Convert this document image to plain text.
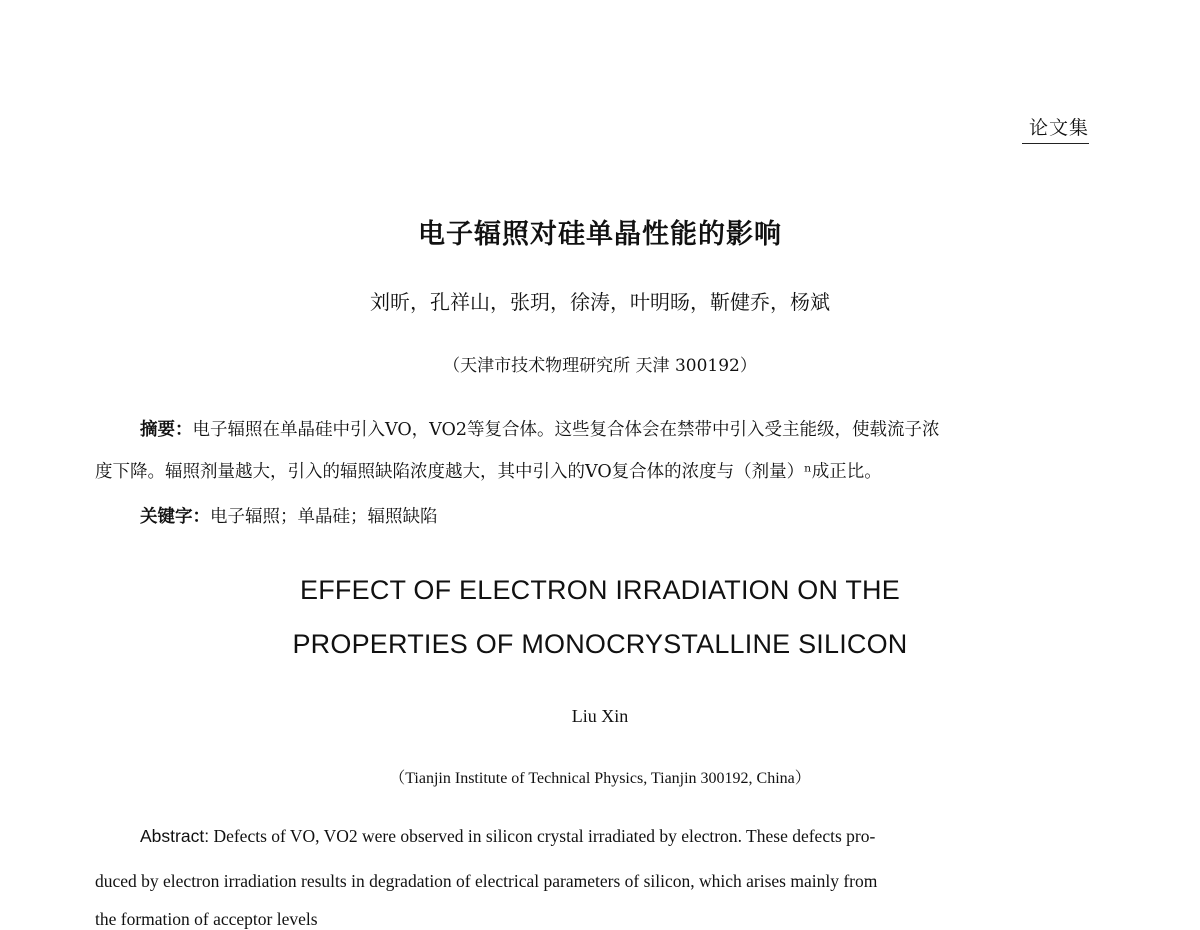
论文集
电子辐照对硅单晶性能的影响
刘昕，孔祥山，张玥，徐涛，叶明旸，靳健乔，杨斌
（天津市技术物理研究所 天津 300192）
摘要：电子辐照在单晶硅中引入VO，VO2等复合体。这些复合体会在禁带中引入受主能级，使载流子浓
度下降。辐照剂量越大，引入的辐照缺陷浓度越大，其中引入的VO复合体的浓度与（剂量）ⁿ成正比。
关键字：电子辐照；单晶硅；辐照缺陷
EFFECT OF ELECTRON IRRADIATION ON THE
PROPERTIES OF MONOCRYSTALLINE SILICON
Liu Xin
（Tianjin Institute of Technical Physics, Tianjin 300192, China）
Abstract: Defects of VO, VO2 were observed in silicon crystal irradiated by electron. These defects pro-
duced by electron irradiation results in degradation of electrical parameters of silicon, which arises mainly from
the formation of acceptor levels
